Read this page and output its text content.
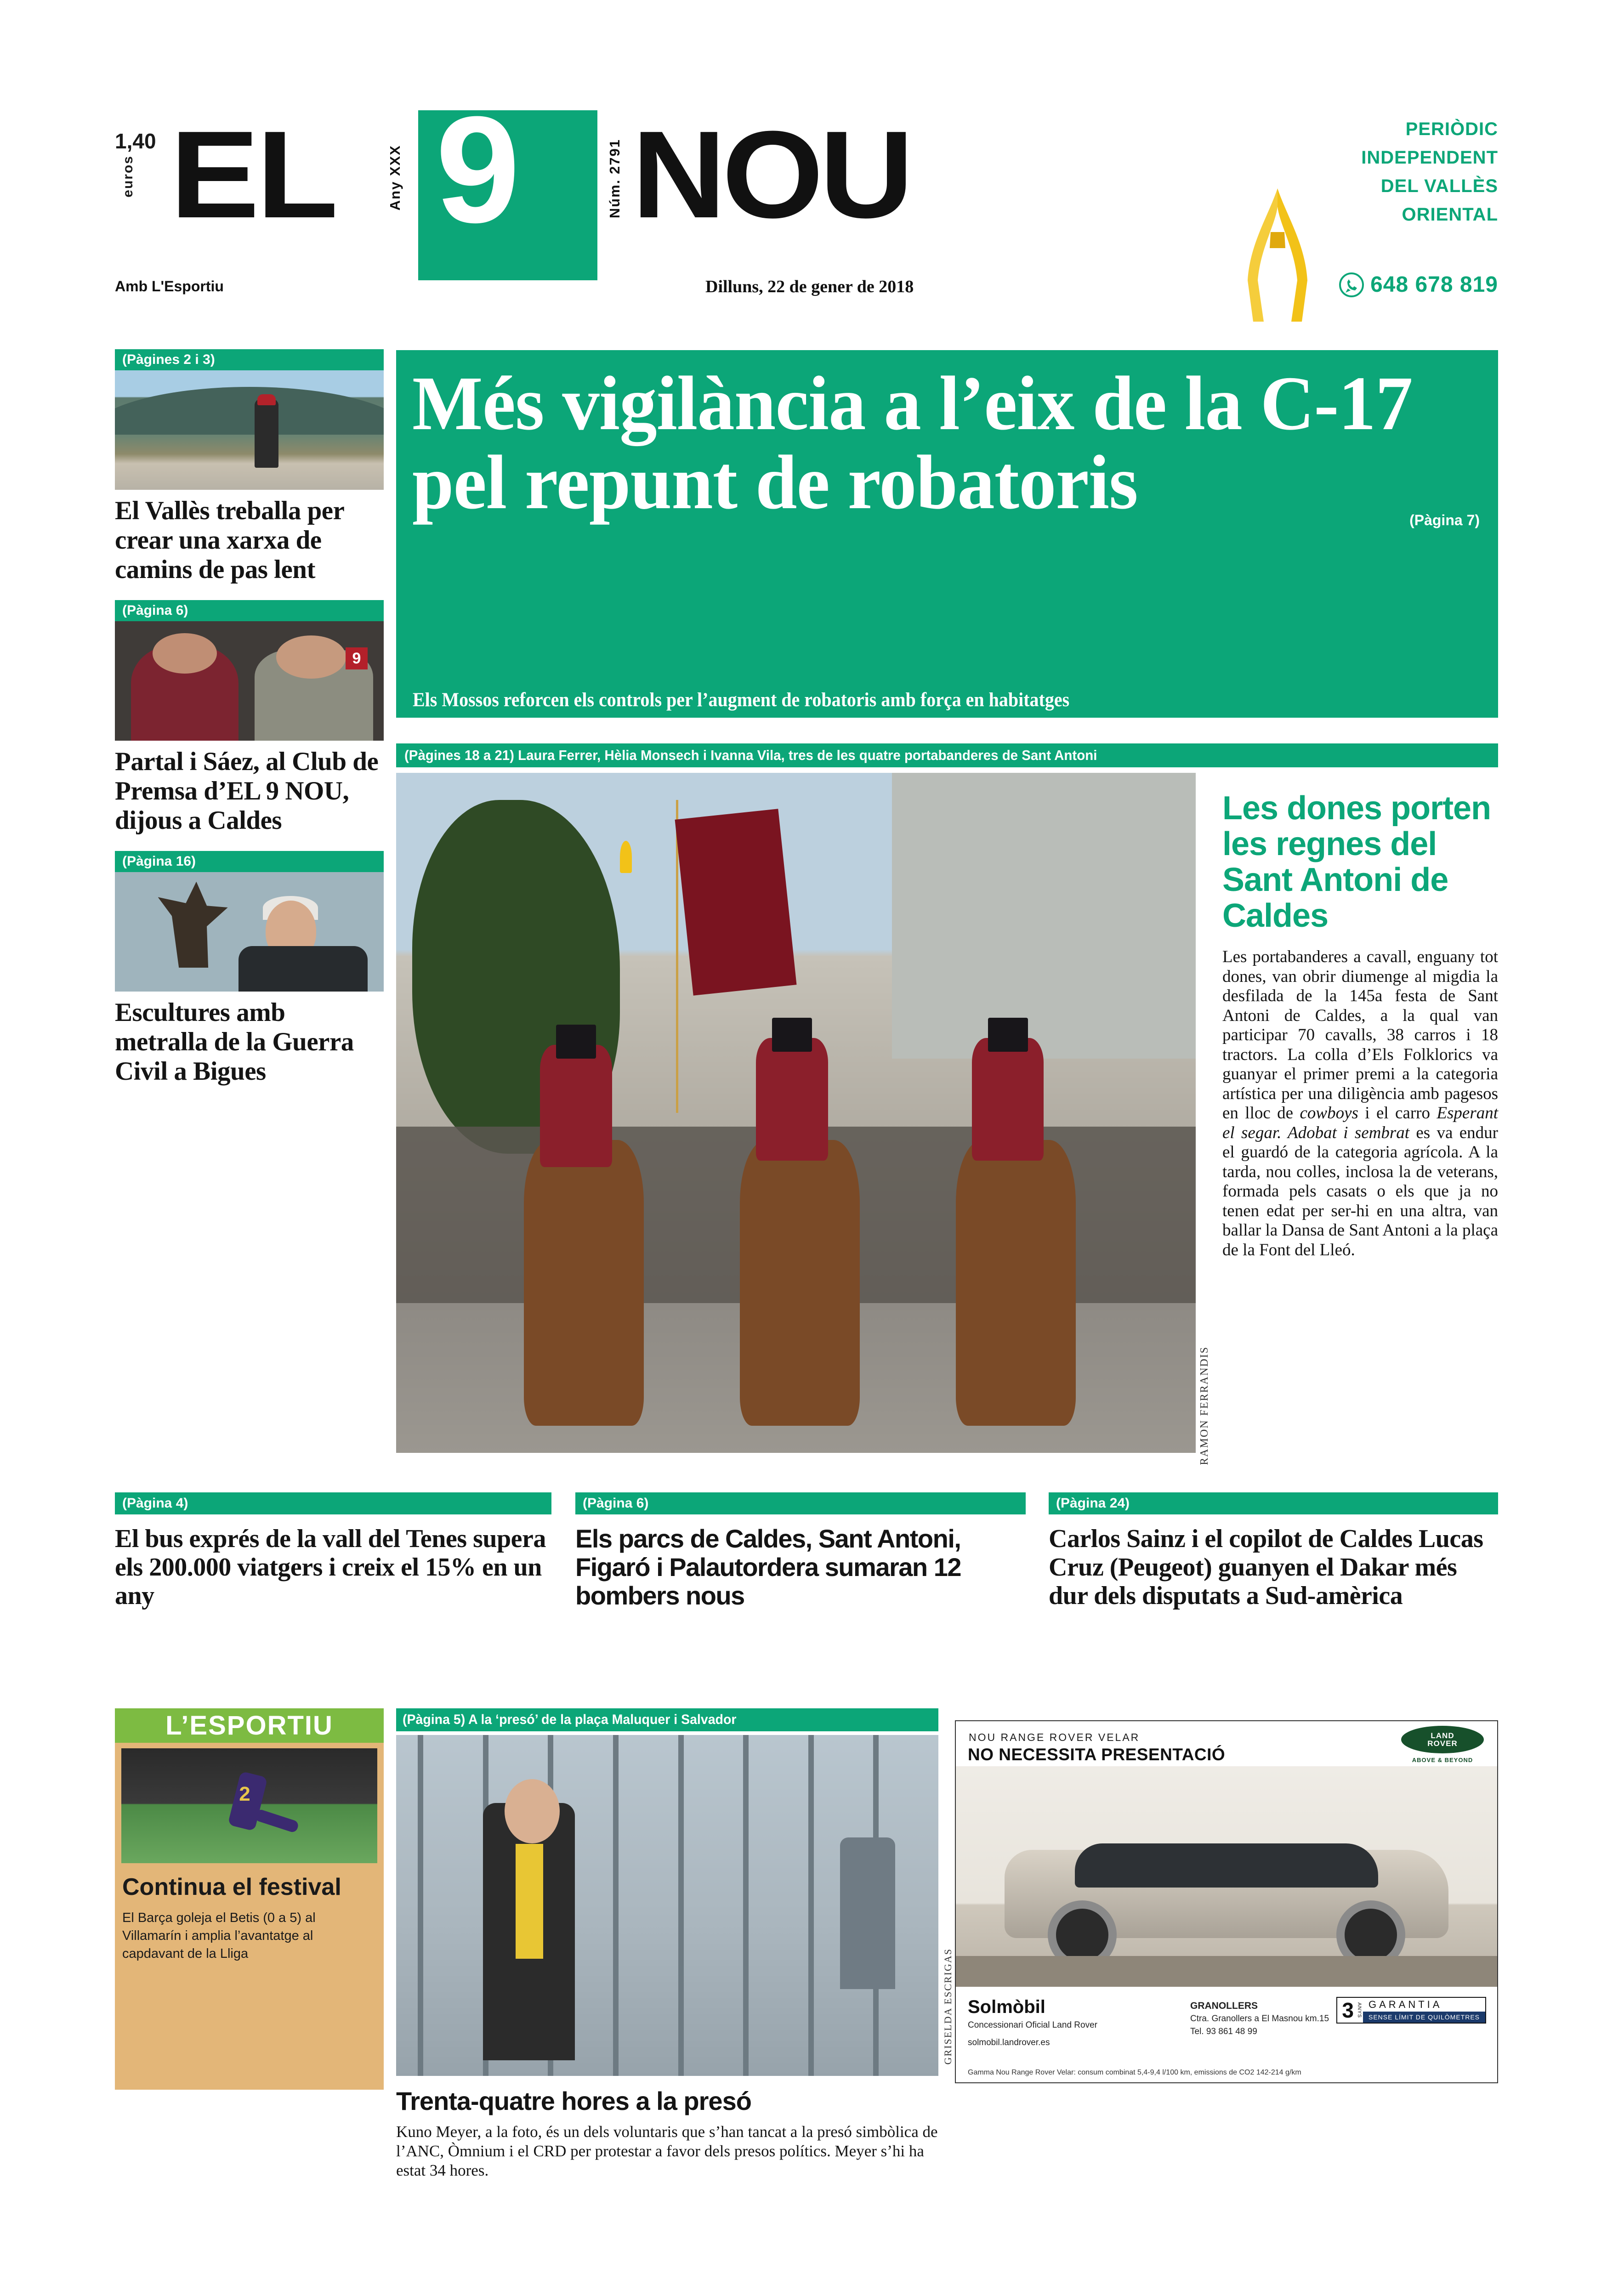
1,40
euros EL	Any XXX 9	Núm. 2791 NOU
Amb L'Esportiu	Dilluns, 22 de gener de 2018
PERIÒDIC
INDEPENDENT
DEL VALLÈS
ORIENTAL
648 678 819
Més vigilància a l’eix de la C-17 pel repunt de robatoris	(Pàgina 7)
Els Mossos reforcen els controls per l’augment de robatoris amb força en habitatges
(Pàgines 2 i 3)
El Vallès treballa per crear una xarxa de camins de pas lent
(Pàgina 6)
9
Partal i Sáez, al Club de Premsa d’EL 9 NOU, dijous a Caldes
(Pàgina 16)
Escultures amb metralla de la Guerra Civil a Bigues
(Pàgines 18 a 21) Laura Ferrer, Hèlia Monsech i Ivanna Vila, tres de les quatre portabanderes de Sant Antoni
RAMON FERRANDIS
Les dones porten les regnes del Sant Antoni de Caldes

Les portabanderes a cavall, enguany tot dones, van obrir diumenge al migdia la desfilada de la 145a festa de Sant Antoni de Caldes, a la qual van participar 70 cavalls, 38 carros i 18 tractors. La colla d’Els Folklorics va guanyar el primer premi a la categoria artística per una diligència amb pagesos en lloc de cowboys i el carro Esperant el segar. Adobat i sembrat es va endur el guardó de la categoria agrícola. A la tarda, nou colles, inclosa la de veterans, formada pels casats o els que ja no tenen edat per ser-hi en una altra, van ballar la Dansa de Sant Antoni a la plaça de la Font del Lleó.

(Pàgina 4)
El bus exprés de la vall del Tenes supera els 200.000 viatgers i creix el 15% en un any
(Pàgina 6)
Els parcs de Caldes, Sant Antoni, Figaró i Palautordera sumaran 12 bombers nous
(Pàgina 24)
Carlos Sainz i el copilot de Caldes Lucas Cruz (Peugeot) guanyen el Dakar més dur dels disputats a Sud-amèrica
L’ESPORTIU
2
Continua el festival

El Barça goleja el Betis (0 a 5) al Villamarín i amplia l’avantatge al capdavant de la Lliga

(Pàgina 5) A la ‘presó’ de la plaça Maluquer i Salvador
Trenta-quatre hores a la presó

Kuno Meyer, a la foto, és un dels voluntaris que s’han tancat a la presó simbòlica de l’ANC, Òmnium i el CRD per protestar a favor dels presos polítics. Meyer s’hi ha estat 34 hores.

GRISELDA ESCRIGAS
NOU RANGE ROVER VELAR
NO NECESSITA PRESENTACIÓ
LAND
ROVER
ABOVE & BEYOND
Solmòbil
Concessionari Oficial Land Rover
solmobil.landrover.es
GRANOLLERS
Ctra. Granollers a El Masnou km.15
Tel. 93 861 48 99
3 ANYS GARANTIA
SENSE LÍMIT DE QUILÒMETRES
Gamma Nou Range Rover Velar: consum combinat 5,4-9,4 l/100 km, emissions de CO2 142-214 g/km
